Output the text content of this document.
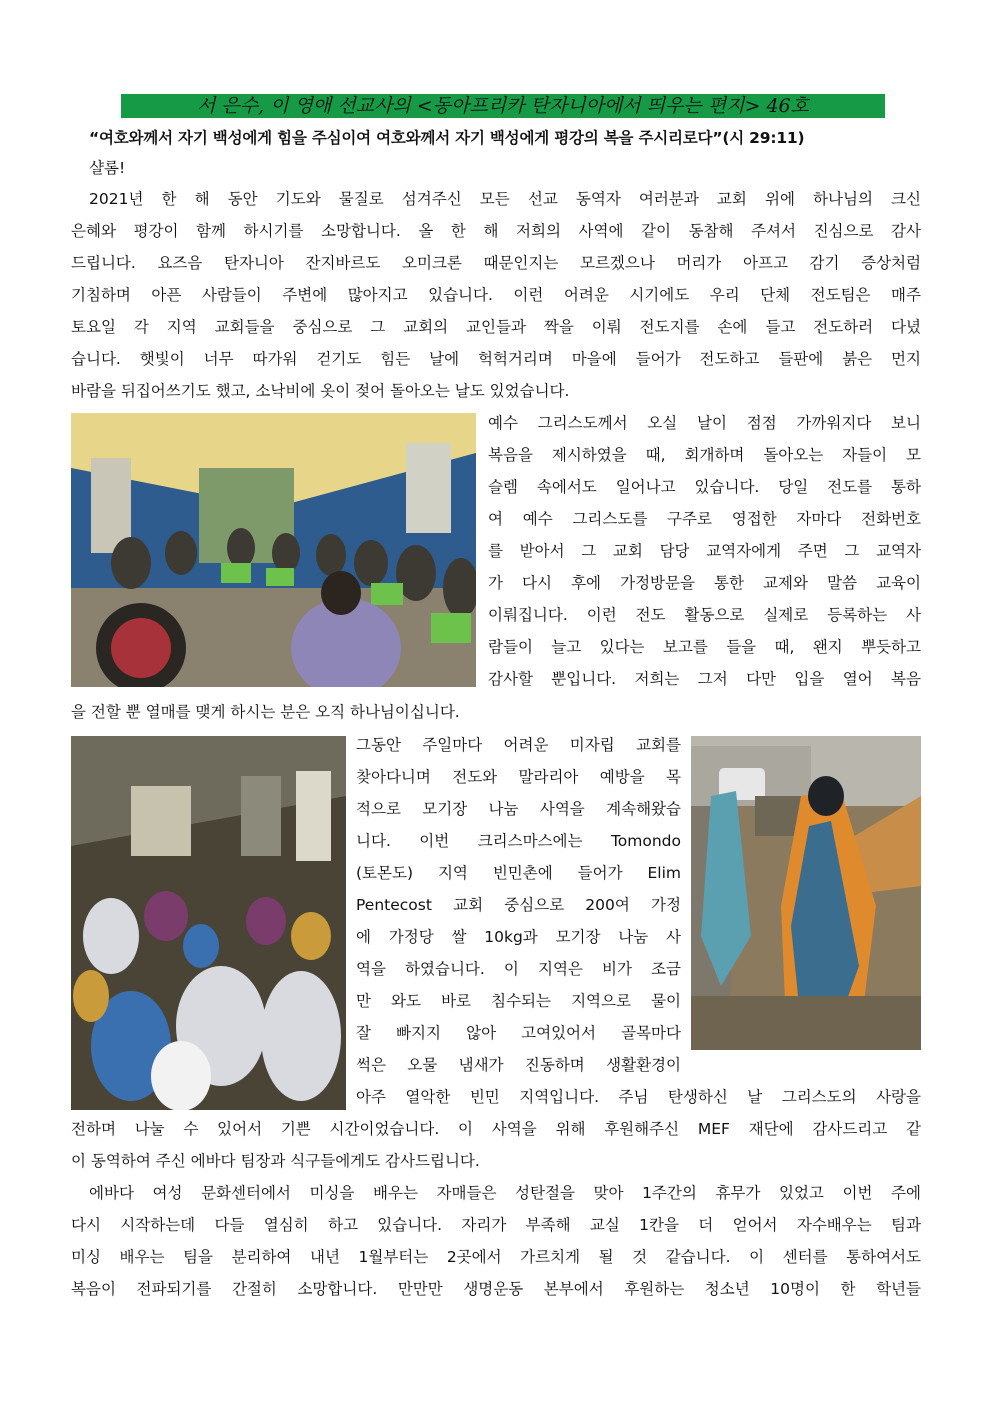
서 은수, 이 영애 선교사의 <동아프리카 탄자니아에서 띄우는 편지> 46호
“여호와께서 자기 백성에게 힘을 주심이여 여호와께서 자기 백성에게 평강의 복을 주시리로다”(시 29:11)
샬롬!
2021년 한 해 동안 기도와 물질로 섬겨주신 모든 선교 동역자 여러분과 교회 위에 하나님의 크신
은혜와 평강이 함께 하시기를 소망합니다. 올 한 해 저희의 사역에 같이 동참해 주셔서 진심으로 감사
드립니다. 요즈음 탄자니아 잔지바르도 오미크론 때문인지는 모르겠으나 머리가 아프고 감기 증상처럼
기침하며 아픈 사람들이 주변에 많아지고 있습니다. 이런 어려운 시기에도 우리 단체 전도팀은 매주
토요일 각 지역 교회들을 중심으로 그 교회의 교인들과 짝을 이뤄 전도지를 손에 들고 전도하러 다녔
습니다. 햇빛이 너무 따가워 걷기도 힘든 날에 헉헉거리며 마을에 들어가 전도하고 들판에 붉은 먼지
바람을 뒤집어쓰기도 했고, 소낙비에 옷이 젖어 돌아오는 날도 있었습니다.
예수 그리스도께서 오실 날이 점점 가까워지다 보니
복음을 제시하였을 때, 회개하며 돌아오는 자들이 모
슬렘 속에서도 일어나고 있습니다. 당일 전도를 통하
여 예수 그리스도를 구주로 영접한 자마다 전화번호
를 받아서 그 교회 담당 교역자에게 주면 그 교역자
가 다시 후에 가정방문을 통한 교제와 말씀 교육이
이뤄집니다. 이런 전도 활동으로 실제로 등록하는 사
람들이 늘고 있다는 보고를 들을 때, 왠지 뿌듯하고
감사할 뿐입니다. 저희는 그저 다만 입을 열어 복음
을 전할 뿐 열매를 맺게 하시는 분은 오직 하나님이십니다.
그동안 주일마다 어려운 미자립 교회를
찾아다니며 전도와 말라리아 예방을 목
적으로 모기장 나눔 사역을 계속해왔습
니다. 이번 크리스마스에는 Tomondo
(토몬도) 지역 빈민촌에 들어가 Elim
Pentecost 교회 중심으로 200여 가정
에 가정당 쌀 10kg과 모기장 나눔 사
역을 하였습니다. 이 지역은 비가 조금
만 와도 바로 침수되는 지역으로 물이
잘 빠지지 않아 고여있어서 골목마다
썩은 오물 냄새가 진동하며 생활환경이
아주 열악한 빈민 지역입니다. 주님 탄생하신 날 그리스도의 사랑을
전하며 나눌 수 있어서 기쁜 시간이었습니다. 이 사역을 위해 후원해주신 MEF 재단에 감사드리고 같
이 동역하여 주신 에바다 팀장과 식구들에게도 감사드립니다.
에바다 여성 문화센터에서 미싱을 배우는 자매들은 성탄절을 맞아 1주간의 휴무가 있었고 이번 주에
다시 시작하는데 다들 열심히 하고 있습니다. 자리가 부족해 교실 1칸을 더 얻어서 자수배우는 팀과
미싱 배우는 팀을 분리하여 내년 1월부터는 2곳에서 가르치게 될 것 같습니다. 이 센터를 통하여서도
복음이 전파되기를 간절히 소망합니다. 만만만 생명운동 본부에서 후원하는 청소년 10명이 한 학년들
